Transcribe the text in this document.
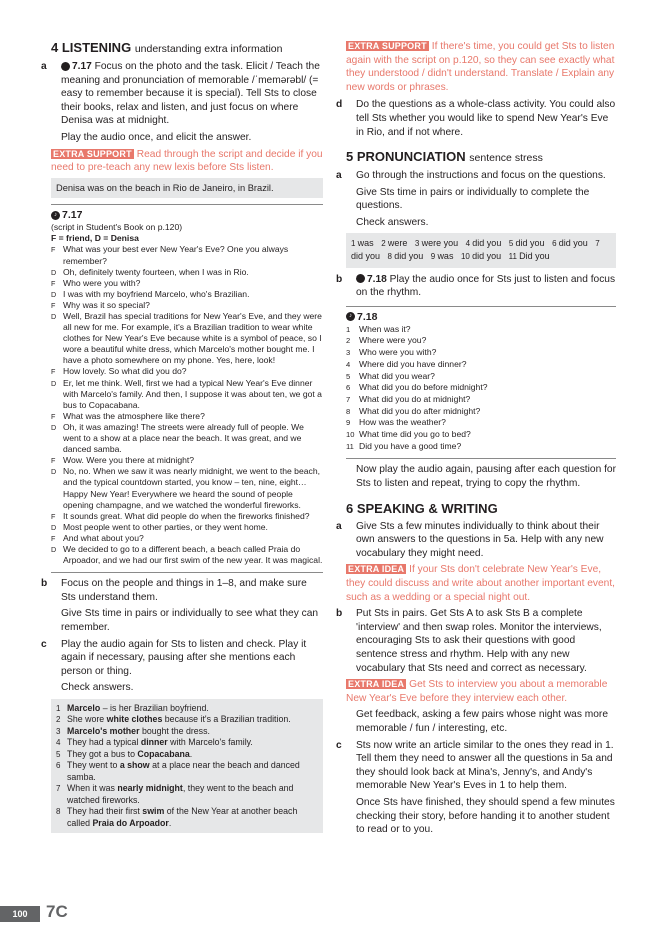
4 LISTENING understanding extra information
a ♪ 7.17 Focus on the photo and the task. Elicit / Teach the meaning and pronunciation of memorable /ˈmemərəbl/ (= easy to remember because it is special). Tell Sts to close their books, relax and listen, and just focus on where Denisa was at midnight.
Play the audio once, and elicit the answer.
EXTRA SUPPORT Read through the script and decide if you need to pre-teach any new lexis before Sts listen.
Denisa was on the beach in Rio de Janeiro, in Brazil.
♪ 7.17
(script in Student's Book on p.120)
F = friend, D = Denisa
F What was your best ever New Year's Eve? One you always remember?
D Oh, definitely twenty fourteen, when I was in Rio.
F Who were you with?
D I was with my boyfriend Marcelo, who's Brazilian.
F Why was it so special?
D Well, Brazil has special traditions for New Year's Eve, and they were all new for me. For example, it's a Brazilian tradition to wear white clothes for New Year's Eve because white is a symbol of peace, so I wore a beautiful white dress, which Marcelo's mother bought me. I have a photo somewhere on my phone. Yes, here, look!
F How lovely. So what did you do?
D Er, let me think. Well, first we had a typical New Year's Eve dinner with Marcelo's family. And then, I suppose it was about ten, we got a bus to Copacabana.
F What was the atmosphere like there?
D Oh, it was amazing! The streets were already full of people. We went to a show at a place near the beach. It was great, and we danced samba.
F Wow. Were you there at midnight?
D No, no. When we saw it was nearly midnight, we went to the beach, and the typical countdown started, you know – ten, nine, eight…Happy New Year! Everywhere we heard the sound of people opening champagne, and we watched the wonderful fireworks.
F It sounds great. What did people do when the fireworks finished?
D Most people went to other parties, or they went home.
F And what about you?
D We decided to go to a different beach, a beach called Praia do Arpoador, and we had our first swim of the new year. It was magical.
b Focus on the people and things in 1–8, and make sure Sts understand them.
Give Sts time in pairs or individually to see what they can remember.
c Play the audio again for Sts to listen and check. Play it again if necessary, pausing after she mentions each person or thing.
Check answers.
1 Marcelo – is her Brazilian boyfriend.
2 She wore white clothes because it's a Brazilian tradition.
3 Marcelo's mother bought the dress.
4 They had a typical dinner with Marcelo's family.
5 They got a bus to Copacabana.
6 They went to a show at a place near the beach and danced samba.
7 When it was nearly midnight, they went to the beach and watched fireworks.
8 They had their first swim of the New Year at another beach called Praia do Arpoador.
EXTRA SUPPORT If there's time, you could get Sts to listen again with the script on p.120, so they can see exactly what they understood / didn't understand. Translate / Explain any new words or phrases.
d Do the questions as a whole-class activity. You could also tell Sts whether you would like to spend New Year's Eve in Rio, and if not where.
5 PRONUNCIATION sentence stress
a Go through the instructions and focus on the questions.
Give Sts time in pairs or individually to complete the questions.
Check answers.
1 was 2 were 3 were you 4 did you 5 did you 6 did you 7 did you 8 did you 9 was 10 did you 11 Did you
b ♪ 7.18 Play the audio once for Sts just to listen and focus on the rhythm.
♪ 7.18
1	When was it?
2	Where were you?
3	Who were you with?
4	Where did you have dinner?
5	What did you wear?
6	What did you do before midnight?
7	What did you do at midnight?
8	What did you do after midnight?
9	How was the weather?
10 What time did you go to bed?
11 Did you have a good time?
Now play the audio again, pausing after each question for Sts to listen and repeat, trying to copy the rhythm.
6 SPEAKING & WRITING
a Give Sts a few minutes individually to think about their own answers to the questions in 5a. Help with any new vocabulary they might need.
EXTRA IDEA If your Sts don't celebrate New Year's Eve, they could discuss and write about another important event, such as a wedding or a special night out.
b Put Sts in pairs. Get Sts A to ask Sts B a complete 'interview' and then swap roles. Monitor the interviews, encouraging Sts to ask their questions with good sentence stress and rhythm. Help with any new vocabulary that Sts need and correct as necessary.
EXTRA IDEA Get Sts to interview you about a memorable New Year's Eve before they interview each other.
Get feedback, asking a few pairs whose night was more memorable / fun / interesting, etc.
c Sts now write an article similar to the ones they read in 1. Tell them they need to answer all the questions in 5a and they should look back at Mina's, Jenny's, and Andy's memorable New Year's Eves in 1 to help them.
Once Sts have finished, they should spend a few minutes checking their story, before handing it to another student to read or to you.
100	7C
